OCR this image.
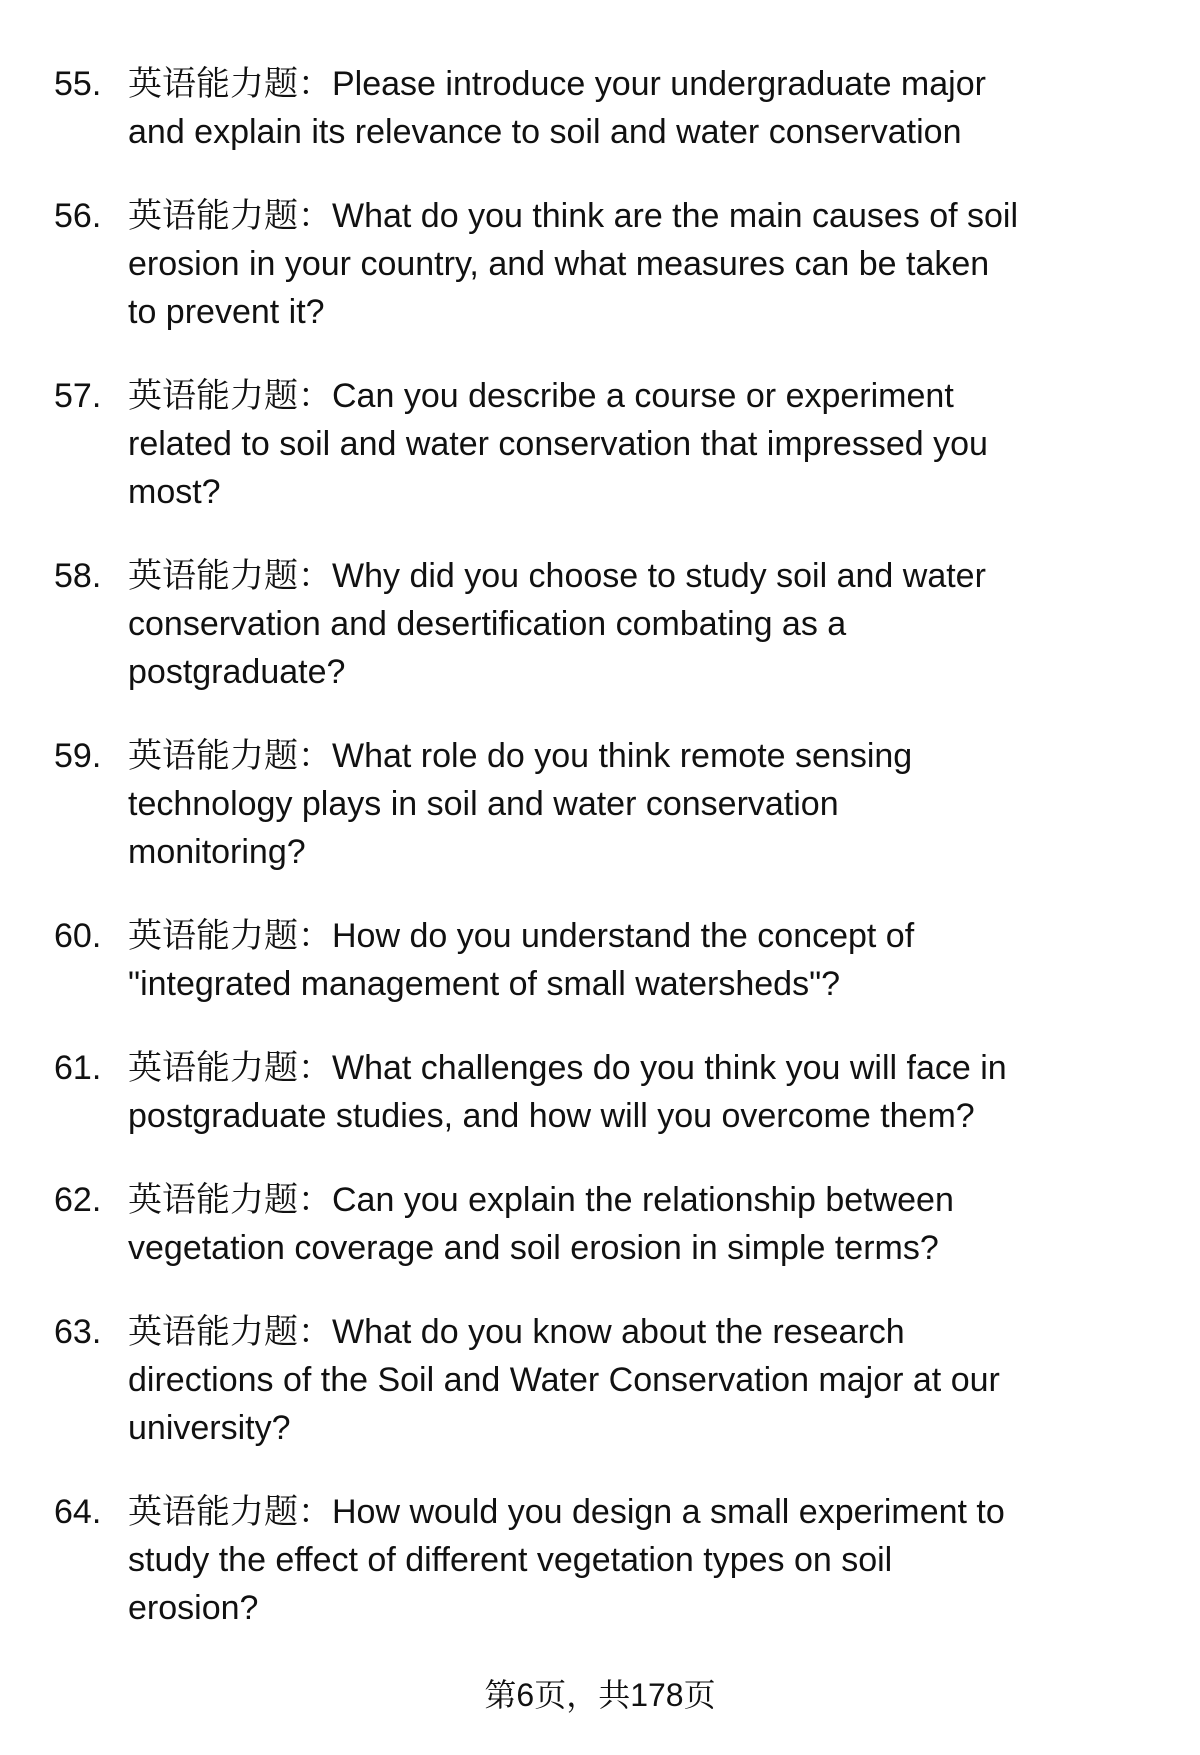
55. 英语能力题：Please introduce your undergraduate major
and explain its relevance to soil and water conservation
56. 英语能力题：What do you think are the main causes of soil
erosion in your country, and what measures can be taken
to prevent it?
57. 英语能力题：Can you describe a course or experiment
related to soil and water conservation that impressed you
most?
58. 英语能力题：Why did you choose to study soil and water
conservation and desertification combating as a
postgraduate?
59. 英语能力题：What role do you think remote sensing
technology plays in soil and water conservation
monitoring?
60. 英语能力题：How do you understand the concept of
"integrated management of small watersheds"?
61. 英语能力题：What challenges do you think you will face in
postgraduate studies, and how will you overcome them?
62. 英语能力题：Can you explain the relationship between
vegetation coverage and soil erosion in simple terms?
63. 英语能力题：What do you know about the research
directions of the Soil and Water Conservation major at our
university?
64. 英语能力题：How would you design a small experiment to
study the effect of different vegetation types on soil
erosion?
第6页，共178页
